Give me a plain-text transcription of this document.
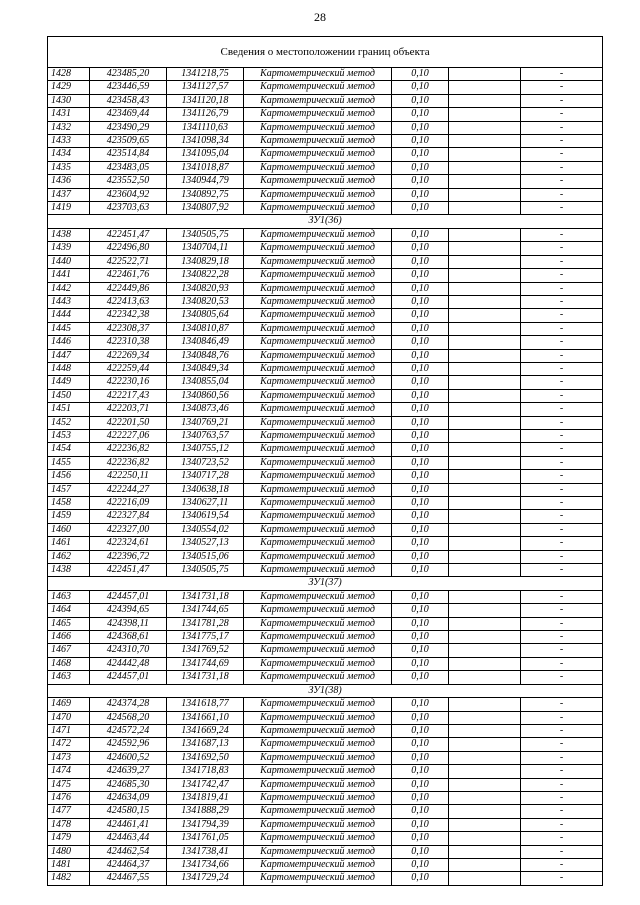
28
Сведения о местоположении границ объекта						
1428	423485,20	1341218,75	Картометрический метод	0,10		-
1429	423446,59	1341127,57	Картометрический метод	0,10		-
1430	423458,43	1341120,18	Картометрический метод	0,10		-
1431	423469,44	1341126,79	Картометрический метод	0,10		-
1432	423490,29	1341110,63	Картометрический метод	0,10		-
1433	423509,65	1341098,34	Картометрический метод	0,10		-
1434	423514,84	1341095,04	Картометрический метод	0,10		-
1435	423483,05	1341018,87	Картометрический метод	0,10		-
1436	423552,50	1340944,79	Картометрический метод	0,10		-
1437	423604,92	1340892,75	Картометрический метод	0,10		-
1419	423703,63	1340807,92	Картометрический метод	0,10		-
ЗУ1(36)						
1438	422451,47	1340505,75	Картометрический метод	0,10		-
1439	422496,80	1340704,11	Картометрический метод	0,10		-
1440	422522,71	1340829,18	Картометрический метод	0,10		-
1441	422461,76	1340822,28	Картометрический метод	0,10		-
1442	422449,86	1340820,93	Картометрический метод	0,10		-
1443	422413,63	1340820,53	Картометрический метод	0,10		-
1444	422342,38	1340805,64	Картометрический метод	0,10		-
1445	422308,37	1340810,87	Картометрический метод	0,10		-
1446	422310,38	1340846,49	Картометрический метод	0,10		-
1447	422269,34	1340848,76	Картометрический метод	0,10		-
1448	422259,44	1340849,34	Картометрический метод	0,10		-
1449	422230,16	1340855,04	Картометрический метод	0,10		-
1450	422217,43	1340860,56	Картометрический метод	0,10		-
1451	422203,71	1340873,46	Картометрический метод	0,10		-
1452	422201,50	1340769,21	Картометрический метод	0,10		-
1453	422227,06	1340763,57	Картометрический метод	0,10		-
1454	422236,82	1340755,12	Картометрический метод	0,10		-
1455	422236,82	1340723,52	Картометрический метод	0,10		-
1456	422250,11	1340717,28	Картометрический метод	0,10		-
1457	422244,27	1340638,18	Картометрический метод	0,10		-
1458	422216,09	1340627,11	Картометрический метод	0,10		-
1459	422327,84	1340619,54	Картометрический метод	0,10		-
1460	422327,00	1340554,02	Картометрический метод	0,10		-
1461	422324,61	1340527,13	Картометрический метод	0,10		-
1462	422396,72	1340515,06	Картометрический метод	0,10		-
1438	422451,47	1340505,75	Картометрический метод	0,10		-
ЗУ1(37)						
1463	424457,01	1341731,18	Картометрический метод	0,10		-
1464	424394,65	1341744,65	Картометрический метод	0,10		-
1465	424398,11	1341781,28	Картометрический метод	0,10		-
1466	424368,61	1341775,17	Картометрический метод	0,10		-
1467	424310,70	1341769,52	Картометрический метод	0,10		-
1468	424442,48	1341744,69	Картометрический метод	0,10		-
1463	424457,01	1341731,18	Картометрический метод	0,10		-
ЗУ1(38)						
1469	424374,28	1341618,77	Картометрический метод	0,10		-
1470	424568,20	1341661,10	Картометрический метод	0,10		-
1471	424572,24	1341669,24	Картометрический метод	0,10		-
1472	424592,96	1341687,13	Картометрический метод	0,10		-
1473	424600,52	1341692,50	Картометрический метод	0,10		-
1474	424639,27	1341718,83	Картометрический метод	0,10		-
1475	424685,30	1341742,47	Картометрический метод	0,10		-
1476	424634,09	1341819,41	Картометрический метод	0,10		-
1477	424580,15	1341888,29	Картометрический метод	0,10		-
1478	424461,41	1341794,39	Картометрический метод	0,10		-
1479	424463,44	1341761,05	Картометрический метод	0,10		-
1480	424462,54	1341738,41	Картометрический метод	0,10		-
1481	424464,37	1341734,66	Картометрический метод	0,10		-
1482	424467,55	1341729,24	Картометрический метод	0,10		-
